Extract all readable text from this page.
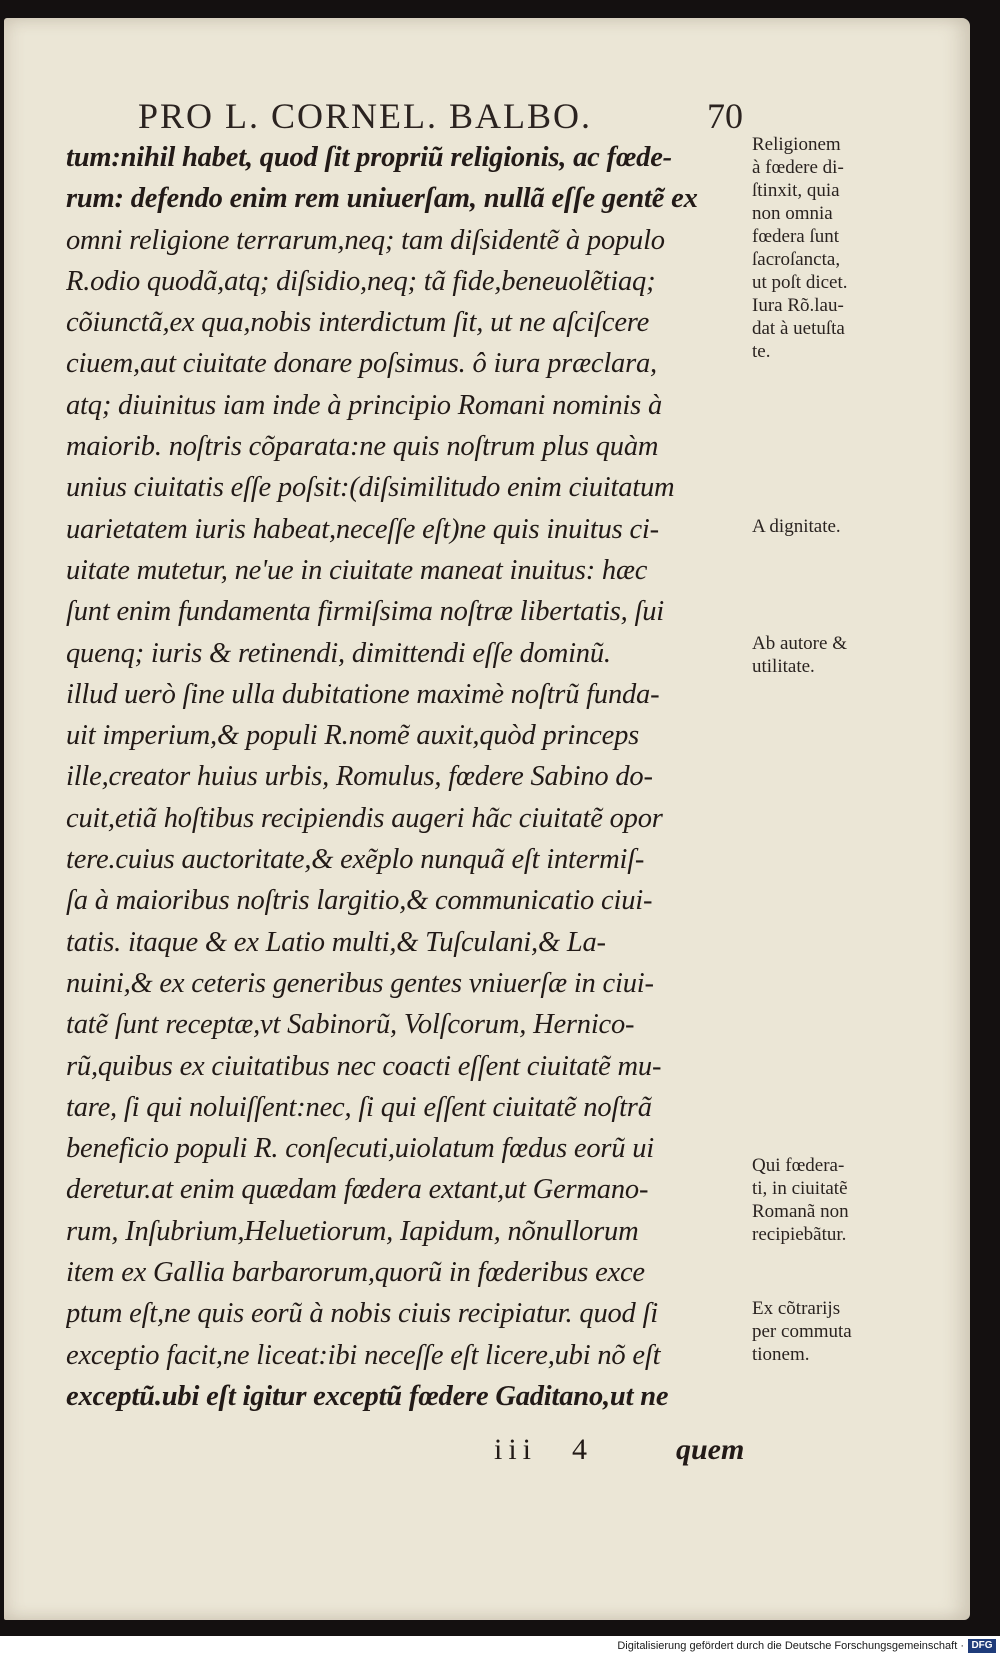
PRO L. CORNEL. BALBO.	70
tum:nihil habet, quod ſit propriũ religionis, ac fœde-
rum: defendo enim rem uniuerſam, nullã eſſe gentẽ ex
omni religione terrarum,neq; tam diſsidentẽ à populo
R.odio quodã,atq; diſsidio,neq; tã fide,beneuolẽtiaq;
cõiunctã,ex qua,nobis interdictum ſit, ut ne aſciſcere
ciuem,aut ciuitate donare poſsimus. ô iura præclara,
atq; diuinitus iam inde à principio Romani nominis à
maiorib. noſtris cõparata:ne quis noſtrum plus quàm
unius ciuitatis eſſe poſsit:(diſsimilitudo enim ciuitatum
uarietatem iuris habeat,neceſſe eſt)ne quis inuitus ci-
uitate mutetur, ne'ue in ciuitate maneat inuitus: hæc
ſunt enim fundamenta firmiſsima noſtræ libertatis, ſui
quenq; iuris & retinendi, dimittendi eſſe dominũ.
illud uerò ſine ulla dubitatione maximè noſtrũ funda-
uit imperium,& populi R.nomẽ auxit,quòd princeps
ille,creator huius urbis, Romulus, fœdere Sabino do-
cuit,etiã hoſtibus recipiendis augeri hãc ciuitatẽ opor
tere.cuius auctoritate,& exẽplo nunquã eſt intermiſ-
ſa à maioribus noſtris largitio,& communicatio ciui-
tatis. itaque & ex Latio multi,& Tuſculani,& La-
nuini,& ex ceteris generibus gentes vniuerſæ in ciui-
tatẽ ſunt receptæ,vt Sabinorũ, Volſcorum, Hernico-
rũ,quibus ex ciuitatibus nec coacti eſſent ciuitatẽ mu-
tare, ſi qui noluiſſent:nec, ſi qui eſſent ciuitatẽ noſtrã
beneficio populi R. conſecuti,uiolatum fœdus eorũ ui
deretur.at enim quædam fœdera extant,ut Germano-
rum, Inſubrium,Heluetiorum, Iapidum, nõnullorum
item ex Gallia barbarorum,quorũ in fœderibus exce
ptum eſt,ne quis eorũ à nobis ciuis recipiatur. quod ſi
exceptio facit,ne liceat:ibi neceſſe eſt licere,ubi nõ eſt
exceptũ.ubi eſt igitur exceptũ fœdere Gaditano,ut ne
iii 4	quem
Religionem
à fœdere di-
ſtinxit, quia
non omnia
fœdera ſunt
ſacroſancta,
ut poſt dicet.
Iura Rõ.lau-
dat à uetuſta
te.
A dignitate.
Ab autore &
utilitate.
Qui fœdera-
ti, in ciuitatẽ
Romanã non
recipiebãtur.
Ex cõtrarijs
per commuta
tionem.
Digitalisierung gefördert durch die Deutsche Forschungsgemeinschaft · DFG
